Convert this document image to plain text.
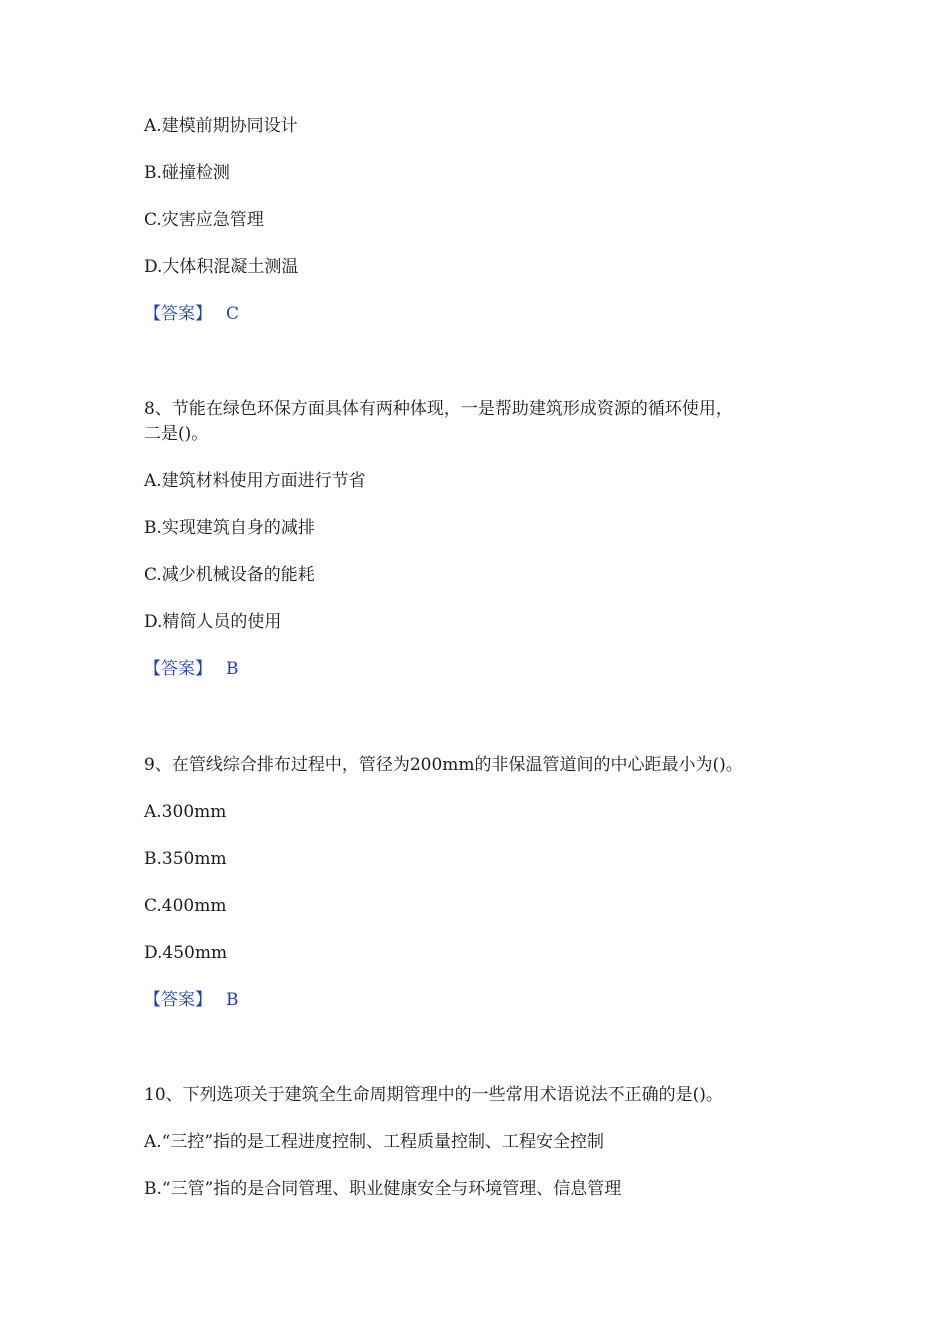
A.建模前期协同设计
B.碰撞检测
C.灾害应急管理
D.大体积混凝土测温
【答案】 C
8、节能在绿色环保方面具体有两种体现，一是帮助建筑形成资源的循环使用，
二是()。
A.建筑材料使用方面进行节省
B.实现建筑自身的减排
C.减少机械设备的能耗
D.精简人员的使用
【答案】 B
9、在管线综合排布过程中，管径为200mm的非保温管道间的中心距最小为()。
A.300mm
B.350mm
C.400mm
D.450mm
【答案】 B
10、下列选项关于建筑全生命周期管理中的一些常用术语说法不正确的是()。
A.“三控”指的是工程进度控制、工程质量控制、工程安全控制
B.“三管”指的是合同管理、职业健康安全与环境管理、信息管理
